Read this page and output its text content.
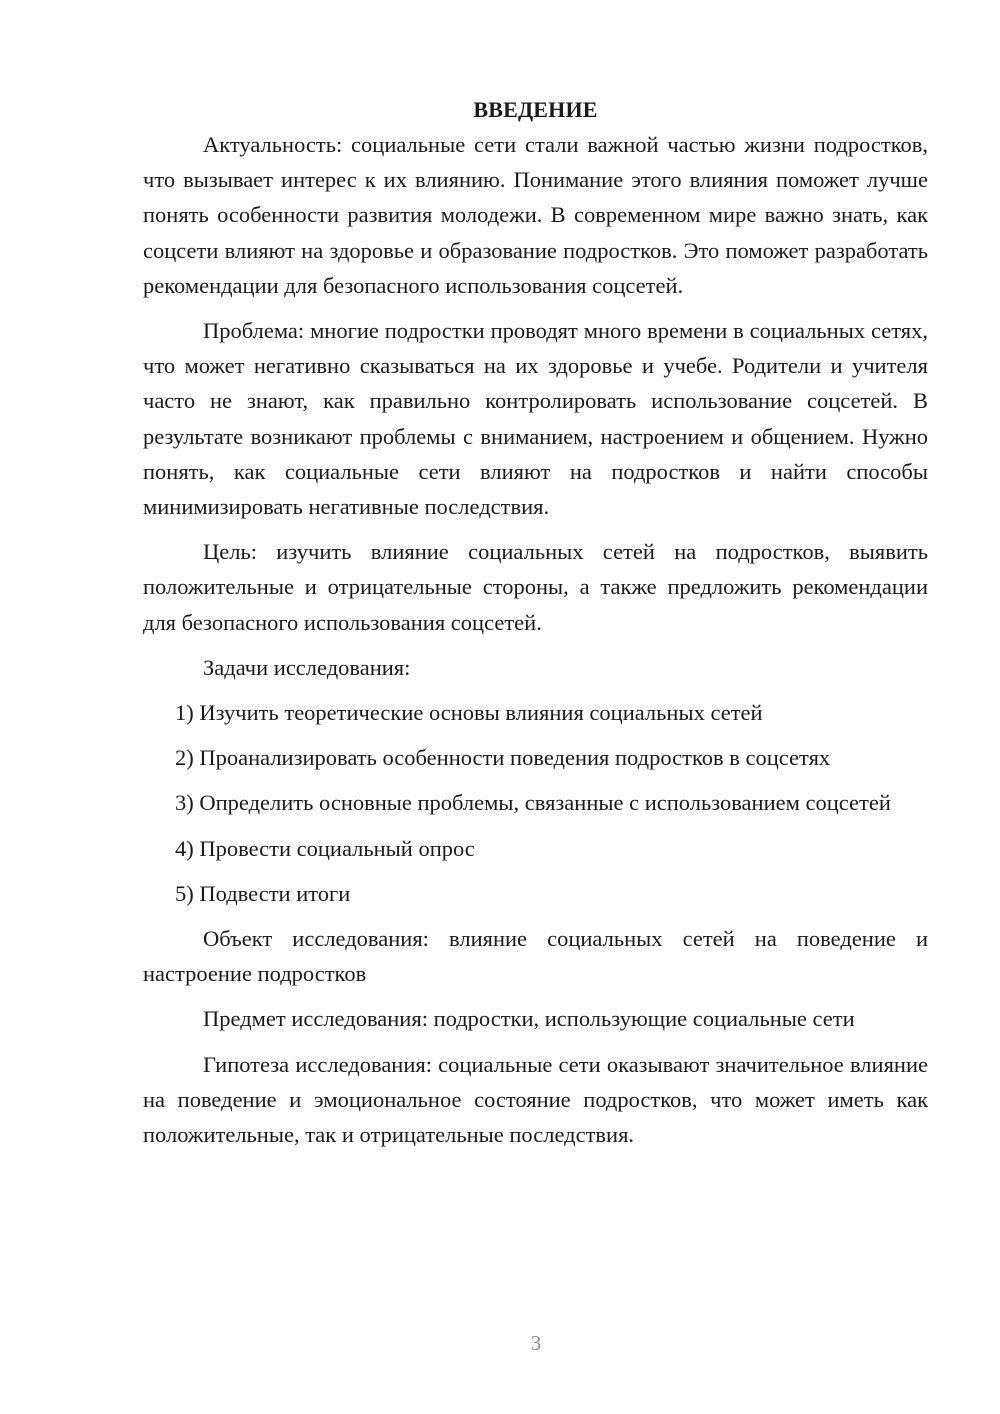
ВВЕДЕНИЕ

Актуальность: социальные сети стали важной частью жизни подростков, что вызывает интерес к их влиянию. Понимание этого влияния поможет лучше понять особенности развития молодежи. В современном мире важно знать, как соцсети влияют на здоровье и образование подростков. Это поможет разработать рекомендации для безопасного использования соцсетей.

Проблема: многие подростки проводят много времени в социальных сетях, что может негативно сказываться на их здоровье и учебе. Родители и учителя часто не знают, как правильно контролировать использование соцсетей. В результате возникают проблемы с вниманием, настроением и общением. Нужно понять, как социальные сети влияют на подростков и найти способы минимизировать негативные последствия.

Цель: изучить влияние социальных сетей на подростков, выявить положительные и отрицательные стороны, а также предложить рекомендации для безопасного использования соцсетей.

Задачи исследования:

1) Изучить теоретические основы влияния социальных сетей

2) Проанализировать особенности поведения подростков в соцсетях

3) Определить основные проблемы, связанные с использованием соцсетей

4) Провести социальный опрос

5) Подвести итоги

Объект исследования: влияние социальных сетей на поведение и настроение подростков

Предмет исследования: подростки, использующие социальные сети

Гипотеза исследования: социальные сети оказывают значительное влияние на поведение и эмоциональное состояние подростков, что может иметь как положительные, так и отрицательные последствия.

3
